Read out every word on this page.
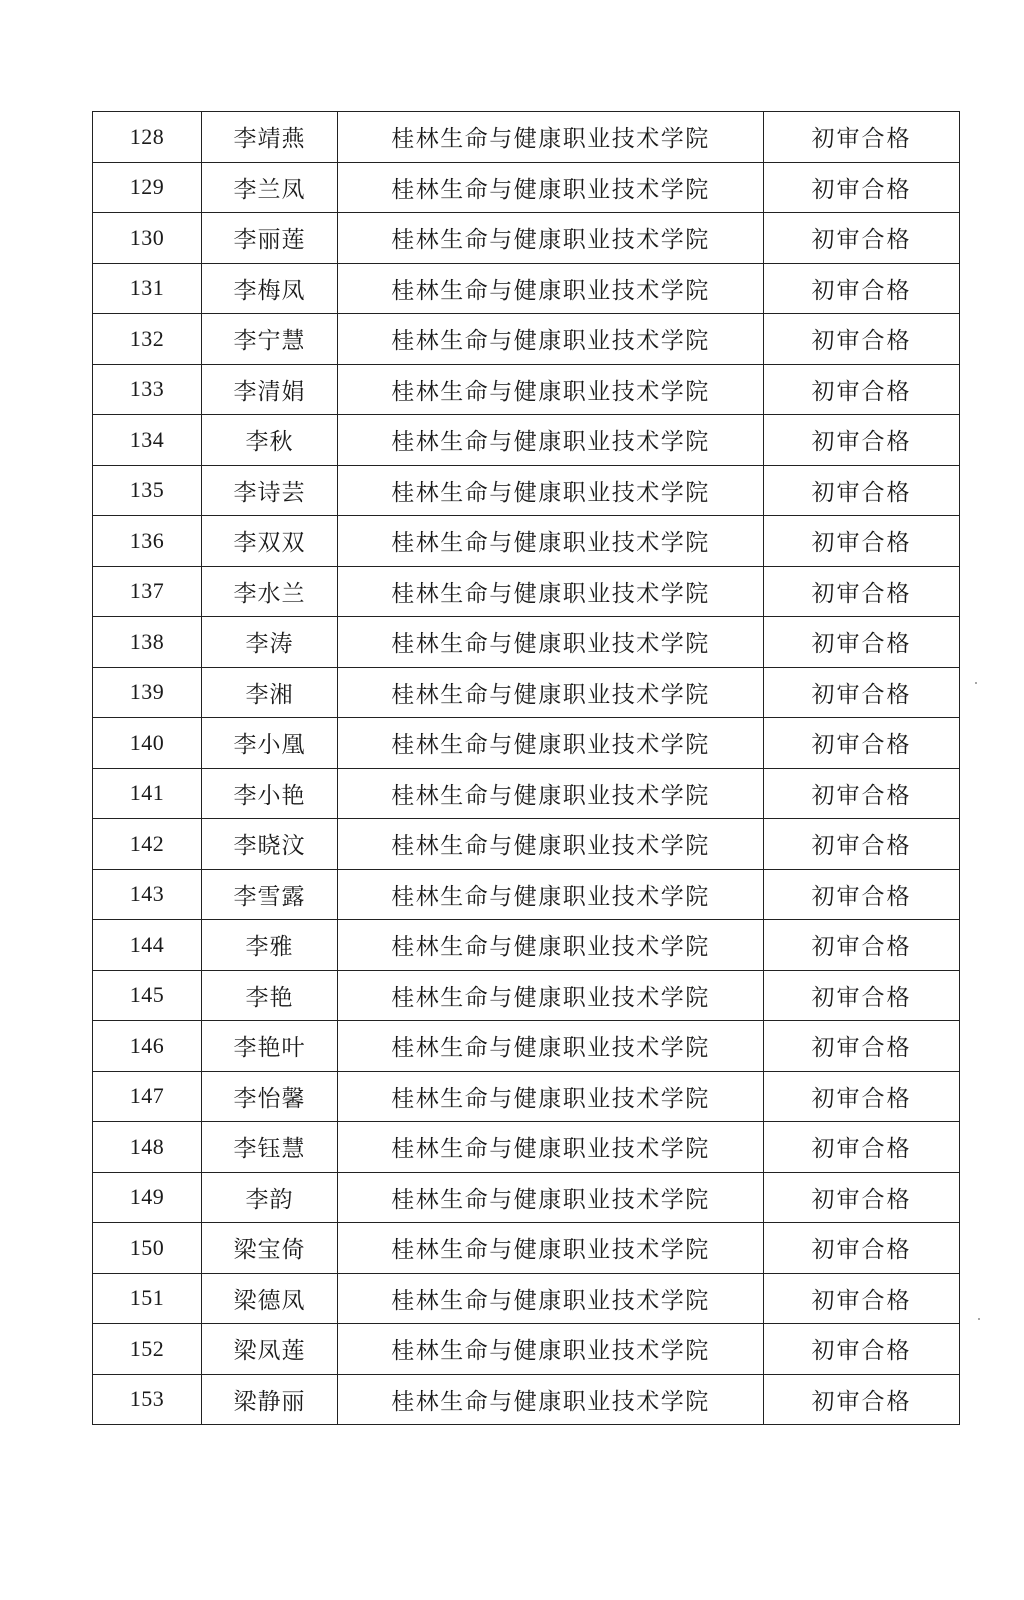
128	李靖燕	桂林生命与健康职业技术学院	初审合格
129	李兰凤	桂林生命与健康职业技术学院	初审合格
130	李丽莲	桂林生命与健康职业技术学院	初审合格
131	李梅凤	桂林生命与健康职业技术学院	初审合格
132	李宁慧	桂林生命与健康职业技术学院	初审合格
133	李清娟	桂林生命与健康职业技术学院	初审合格
134	李秋	桂林生命与健康职业技术学院	初审合格
135	李诗芸	桂林生命与健康职业技术学院	初审合格
136	李双双	桂林生命与健康职业技术学院	初审合格
137	李水兰	桂林生命与健康职业技术学院	初审合格
138	李涛	桂林生命与健康职业技术学院	初审合格
139	李湘	桂林生命与健康职业技术学院	初审合格
140	李小凰	桂林生命与健康职业技术学院	初审合格
141	李小艳	桂林生命与健康职业技术学院	初审合格
142	李晓汶	桂林生命与健康职业技术学院	初审合格
143	李雪露	桂林生命与健康职业技术学院	初审合格
144	李雅	桂林生命与健康职业技术学院	初审合格
145	李艳	桂林生命与健康职业技术学院	初审合格
146	李艳叶	桂林生命与健康职业技术学院	初审合格
147	李怡馨	桂林生命与健康职业技术学院	初审合格
148	李钰慧	桂林生命与健康职业技术学院	初审合格
149	李韵	桂林生命与健康职业技术学院	初审合格
150	梁宝倚	桂林生命与健康职业技术学院	初审合格
151	梁德凤	桂林生命与健康职业技术学院	初审合格
152	梁凤莲	桂林生命与健康职业技术学院	初审合格
153	梁静丽	桂林生命与健康职业技术学院	初审合格
